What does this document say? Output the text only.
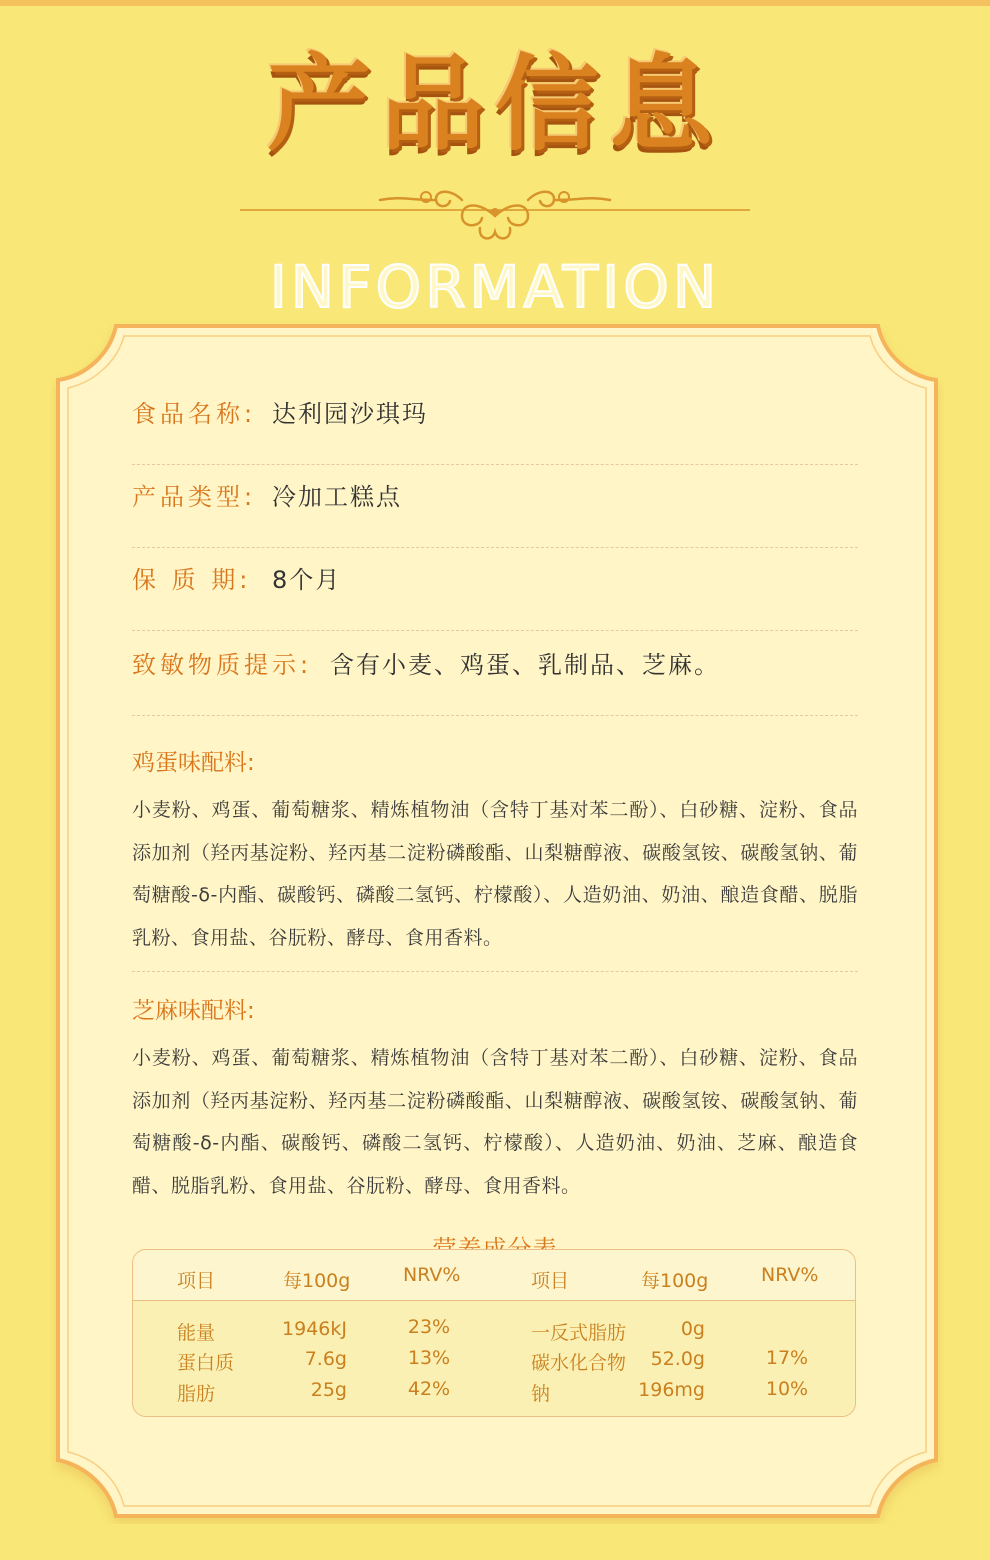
产品信息
INFORMATION
食品名称: 达利园沙琪玛
产品类型: 冷加工糕点
保 质 期: 8个月
致敏物质提示: 含有小麦、鸡蛋、乳制品、芝麻。
鸡蛋味配料:
小麦粉、鸡蛋、葡萄糖浆、精炼植物油（含特丁基对苯二酚）、白砂糖、淀粉、食品添加剂（羟丙基淀粉、羟丙基二淀粉磷酸酯、山梨糖醇液、碳酸氢铵、碳酸氢钠、葡萄糖酸-δ-内酯、碳酸钙、磷酸二氢钙、柠檬酸）、人造奶油、奶油、酿造食醋、脱脂乳粉、食用盐、谷朊粉、酵母、食用香料。
芝麻味配料:
小麦粉、鸡蛋、葡萄糖浆、精炼植物油（含特丁基对苯二酚）、白砂糖、淀粉、食品添加剂（羟丙基淀粉、羟丙基二淀粉磷酸酯、山梨糖醇液、碳酸氢铵、碳酸氢钠、葡萄糖酸-δ-内酯、碳酸钙、磷酸二氢钙、柠檬酸）、人造奶油、奶油、芝麻、酿造食醋、脱脂乳粉、食用盐、谷朊粉、酵母、食用香料。
项目	每100g	NRV%	项目	每100g	NRV%
能量	1946kJ	23%	一反式脂肪	0g
蛋白质	7.6g	13%	碳水化合物	52.0g	17%
脂肪	25g	42%	钠	196mg	10%
